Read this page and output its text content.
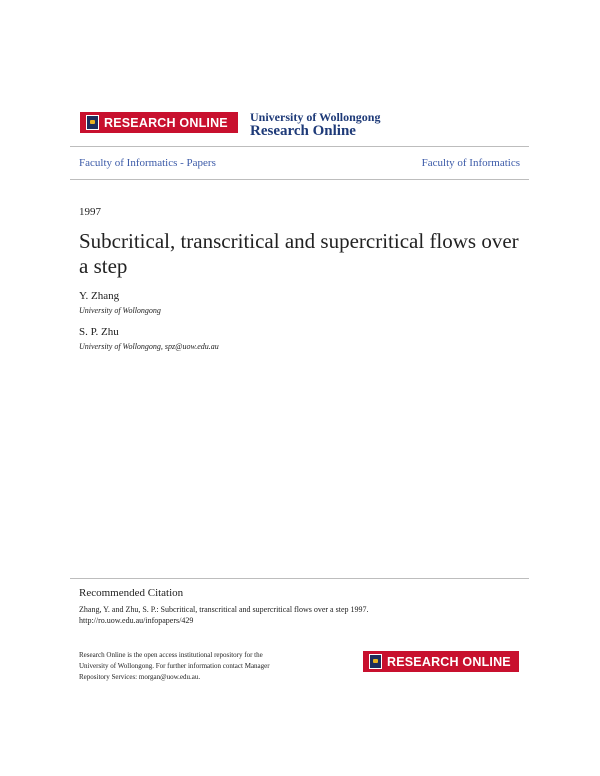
RESEARCH ONLINE University of Wollongong
Research Online
Faculty of Informatics - Papers	Faculty of Informatics
1997
Subcritical, transcritical and supercritical flows over a step
Y. Zhang
University of Wollongong
S. P. Zhu
University of Wollongong, spz@uow.edu.au
Recommended Citation
Zhang, Y. and Zhu, S. P.: Subcritical, transcritical and supercritical flows over a step 1997.
http://ro.uow.edu.au/infopapers/429
Research Online is the open access institutional repository for the
University of Wollongong. For further information contact Manager
Repository Services: morgan@uow.edu.au.
RESEARCH ONLINE
